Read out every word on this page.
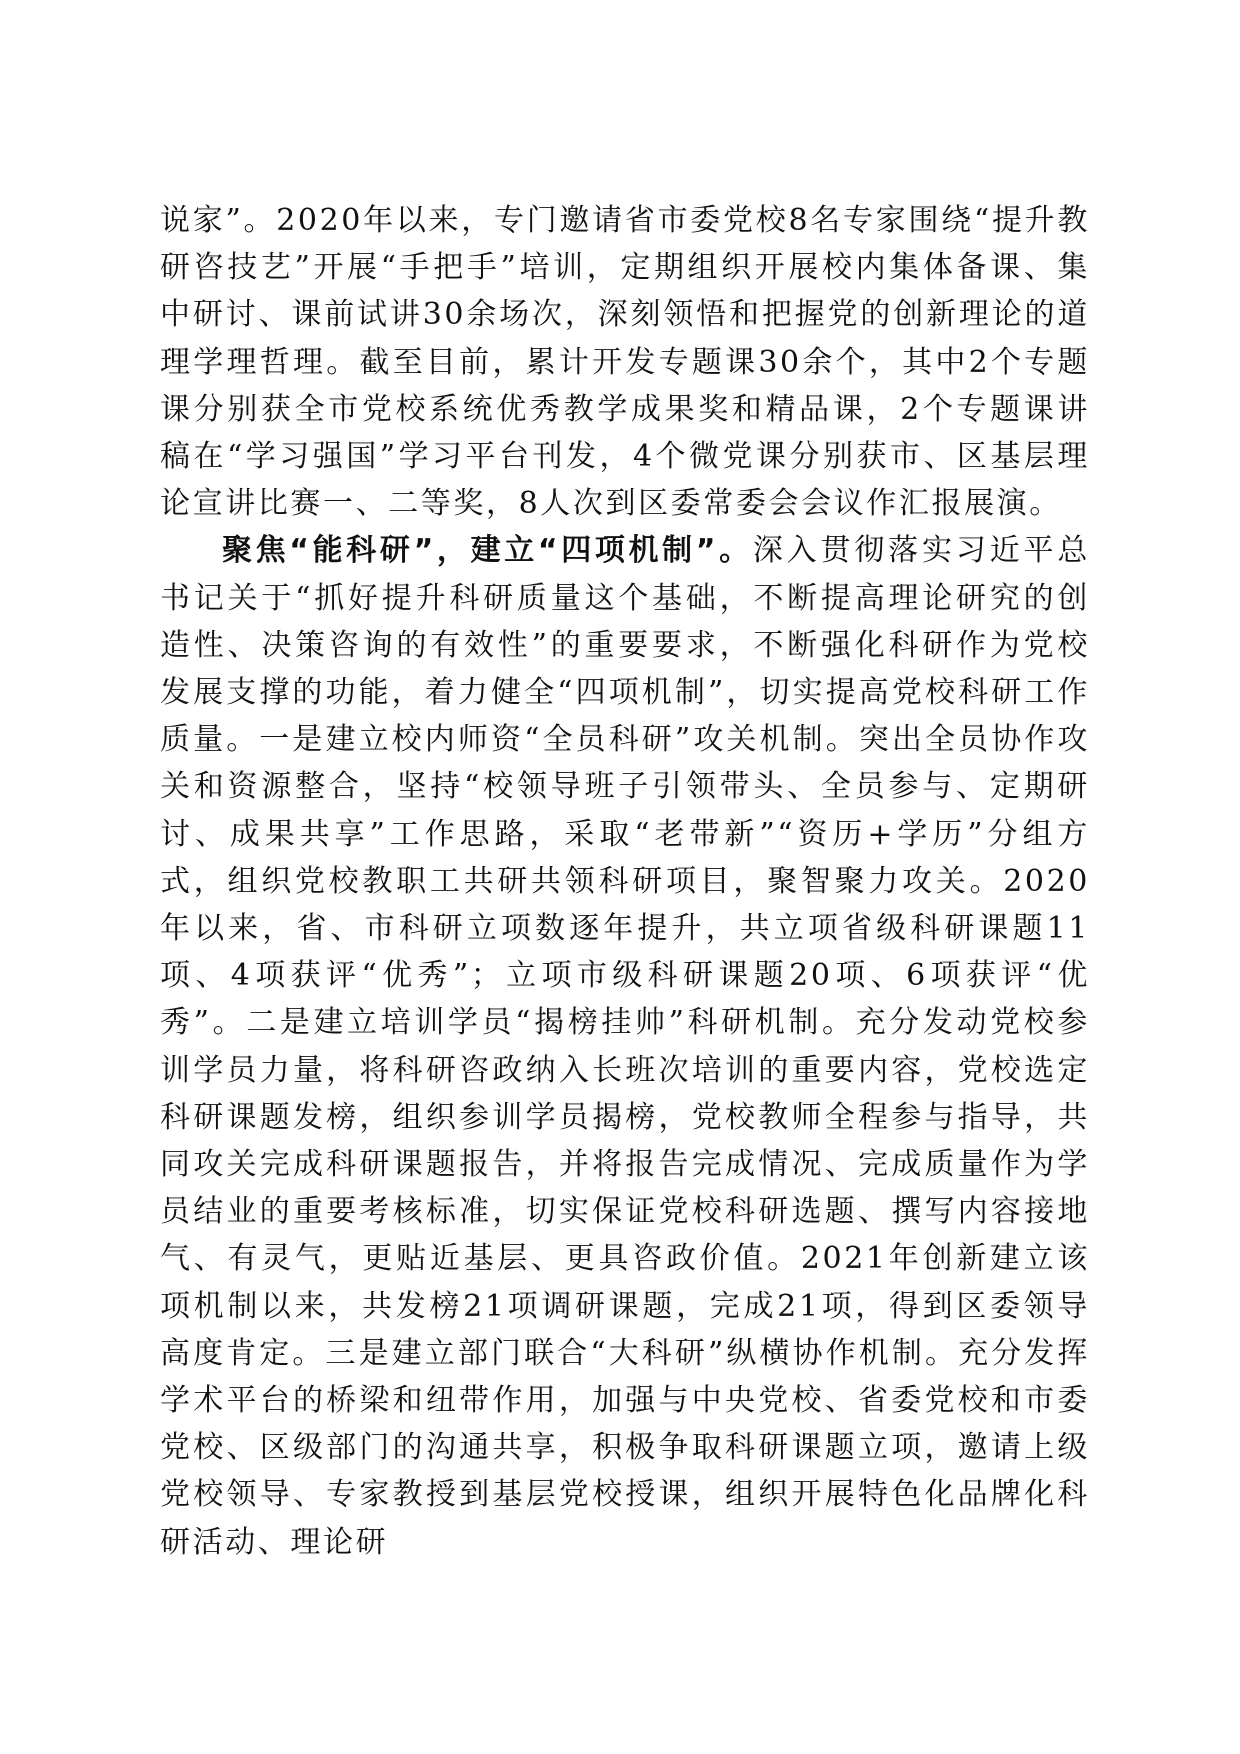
说家”。2020年以来，专门邀请省市委党校8名专家围绕“提升教研咨技艺”开展“手把手”培训，定期组织开展校内集体备课、集中研讨、课前试讲30余场次，深刻领悟和把握党的创新理论的道理学理哲理。截至目前，累计开发专题课30余个，其中2个专题课分别获全市党校系统优秀教学成果奖和精品课，2个专题课讲稿在“学习强国”学习平台刊发，4个微党课分别获市、区基层理论宣讲比赛一、二等奖，8人次到区委常委会会议作汇报展演。

聚焦“能科研”，建立“四项机制”。深入贯彻落实习近平总书记关于“抓好提升科研质量这个基础，不断提高理论研究的创造性、决策咨询的有效性”的重要要求，不断强化科研作为党校发展支撑的功能，着力健全“四项机制”，切实提高党校科研工作质量。一是建立校内师资“全员科研”攻关机制。突出全员协作攻关和资源整合，坚持“校领导班子引领带头、全员参与、定期研讨、成果共享”工作思路，采取“老带新”“资历+学历”分组方式，组织党校教职工共研共领科研项目，聚智聚力攻关。2020年以来，省、市科研立项数逐年提升，共立项省级科研课题11项、4项获评“优秀”；立项市级科研课题20项、6项获评“优秀”。二是建立培训学员“揭榜挂帅”科研机制。充分发动党校参训学员力量，将科研咨政纳入长班次培训的重要内容，党校选定科研课题发榜，组织参训学员揭榜，党校教师全程参与指导，共同攻关完成科研课题报告，并将报告完成情况、完成质量作为学员结业的重要考核标准，切实保证党校科研选题、撰写内容接地气、有灵气，更贴近基层、更具咨政价值。2021年创新建立该项机制以来，共发榜21项调研课题，完成21项，得到区委领导高度肯定。三是建立部门联合“大科研”纵横协作机制。充分发挥学术平台的桥梁和纽带作用，加强与中央党校、省委党校和市委党校、区级部门的沟通共享，积极争取科研课题立项，邀请上级党校领导、专家教授到基层党校授课，组织开展特色化品牌化科研活动、理论研
